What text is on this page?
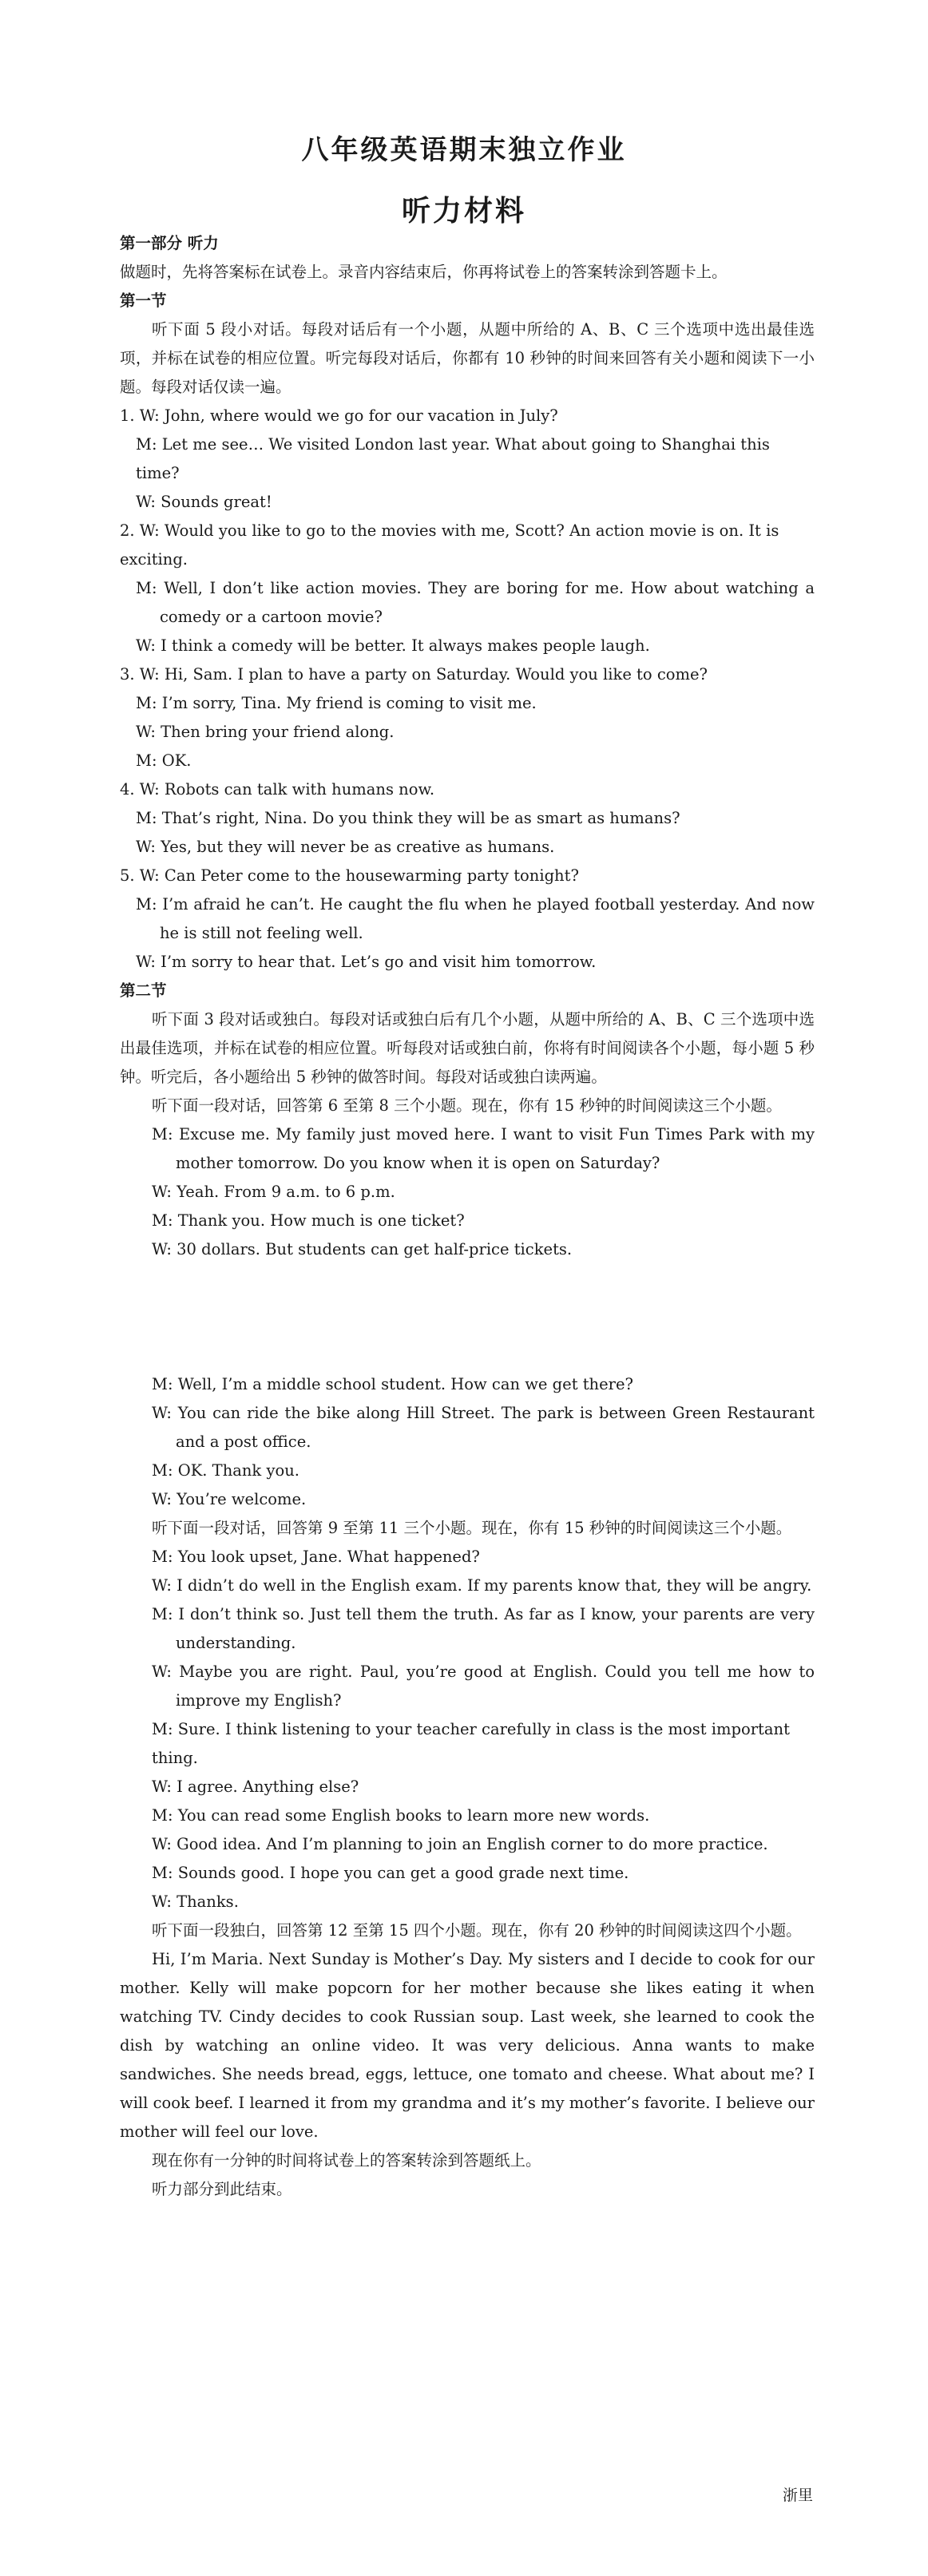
八年级英语期末独立作业
听力材料

第一部分 听力

做题时，先将答案标在试卷上。录音内容结束后，你再将试卷上的答案转涂到答题卡上。

第一节

听下面 5 段小对话。每段对话后有一个小题，从题中所给的 A、B、C 三个选项中选出最佳选项，并标在试卷的相应位置。听完每段对话后，你都有 10 秒钟的时间来回答有关小题和阅读下一小题。每段对话仅读一遍。

1. W: John, where would we go for our vacation in July?

M: Let me see… We visited London last year. What about going to Shanghai this time?

W: Sounds great!

2. W: Would you like to go to the movies with me, Scott? An action movie is on. It is exciting.

M: Well, I don’t like action movies. They are boring for me. How about watching a comedy or a cartoon movie?

W: I think a comedy will be better. It always makes people laugh.

3. W: Hi, Sam. I plan to have a party on Saturday. Would you like to come?

M: I’m sorry, Tina. My friend is coming to visit me.

W: Then bring your friend along.

M: OK.

4. W: Robots can talk with humans now.

M: That’s right, Nina. Do you think they will be as smart as humans?

W: Yes, but they will never be as creative as humans.

5. W: Can Peter come to the housewarming party tonight?

M: I’m afraid he can’t. He caught the flu when he played football yesterday. And now he is still not feeling well.

W: I’m sorry to hear that. Let’s go and visit him tomorrow.

第二节

听下面 3 段对话或独白。每段对话或独白后有几个小题，从题中所给的 A、B、C 三个选项中选出最佳选项，并标在试卷的相应位置。听每段对话或独白前，你将有时间阅读各个小题，每小题 5 秒钟。听完后，各小题给出 5 秒钟的做答时间。每段对话或独白读两遍。

听下面一段对话，回答第 6 至第 8 三个小题。现在，你有 15 秒钟的时间阅读这三个小题。

M: Excuse me. My family just moved here. I want to visit Fun Times Park with my mother tomorrow. Do you know when it is open on Saturday?

W: Yeah. From 9 a.m. to 6 p.m.

M: Thank you. How much is one ticket?

W: 30 dollars. But students can get half-price tickets.

M: Well, I’m a middle school student. How can we get there?

W: You can ride the bike along Hill Street. The park is between Green Restaurant and a post office.

M: OK. Thank you.

W: You’re welcome.

听下面一段对话，回答第 9 至第 11 三个小题。现在，你有 15 秒钟的时间阅读这三个小题。

M: You look upset, Jane. What happened?

W: I didn’t do well in the English exam. If my parents know that, they will be angry.

M: I don’t think so. Just tell them the truth. As far as I know, your parents are very understanding.

W: Maybe you are right. Paul, you’re good at English. Could you tell me how to improve my English?

M: Sure. I think listening to your teacher carefully in class is the most important thing.

W: I agree. Anything else?

M: You can read some English books to learn more new words.

W: Good idea. And I’m planning to join an English corner to do more practice.

M: Sounds good. I hope you can get a good grade next time.

W: Thanks.

听下面一段独白，回答第 12 至第 15 四个小题。现在，你有 20 秒钟的时间阅读这四个小题。

Hi, I’m Maria. Next Sunday is Mother’s Day. My sisters and I decide to cook for our mother. Kelly will make popcorn for her mother because she likes eating it when watching TV. Cindy decides to cook Russian soup. Last week, she learned to cook the dish by watching an online video. It was very delicious. Anna wants to make sandwiches. She needs bread, eggs, lettuce, one tomato and cheese. What about me? I will cook beef. I learned it from my grandma and it’s my mother’s favorite. I believe our mother will feel our love.

现在你有一分钟的时间将试卷上的答案转涂到答题纸上。

听力部分到此结束。

浙里
